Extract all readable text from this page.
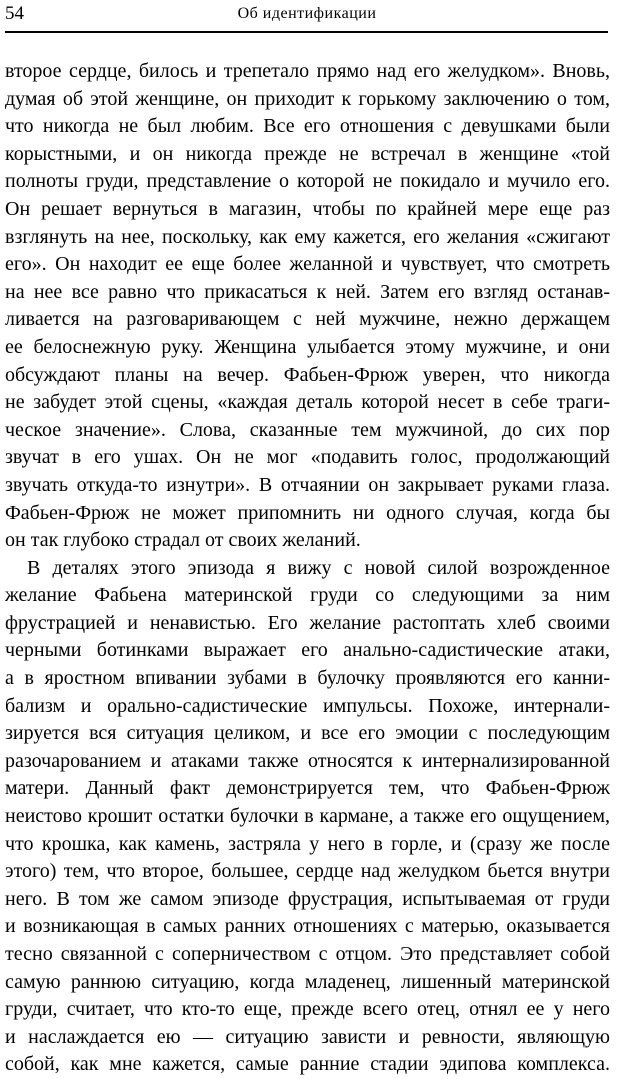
54	Об идентификации
второе сердце, билось и трепетало прямо над его желудком». Вновь,
думая об этой женщине, он приходит к горькому заключению о том,
что никогда не был любим. Все его отношения с девушками были
корыстными, и он никогда прежде не встречал в женщине «той
полноты груди, представление о которой не покидало и мучило его.
Он решает вернуться в магазин, чтобы по крайней мере еще раз
взглянуть на нее, поскольку, как ему кажется, его желания «сжигают
его». Он находит ее еще более желанной и чувствует, что смотреть
на нее все равно что прикасаться к ней. Затем его взгляд останав-
ливается на разговаривающем с ней мужчине, нежно держащем
ее белоснежную руку. Женщина улыбается этому мужчине, и они
обсуждают планы на вечер. Фабьен-Фрюж уверен, что никогда
не забудет этой сцены, «каждая деталь которой несет в себе траги-
ческое значение». Слова, сказанные тем мужчиной, до сих пор
звучат в его ушах. Он не мог «подавить голос, продолжающий
звучать откуда-то изнутри». В отчаянии он закрывает руками глаза.
Фабьен-Фрюж не может припомнить ни одного случая, когда бы
он так глубоко страдал от своих желаний.
В деталях этого эпизода я вижу с новой силой возрожденное
желание Фабьена материнской груди со следующими за ним
фрустрацией и ненавистью. Его желание растоптать хлеб своими
черными ботинками выражает его анально-садистические атаки,
а в яростном впивании зубами в булочку проявляются его канни-
бализм и орально-садистические импульсы. Похоже, интернали-
зируется вся ситуация целиком, и все его эмоции с последующим
разочарованием и атаками также относятся к интернализированной
матери. Данный факт демонстрируется тем, что Фабьен-Фрюж
неистово крошит остатки булочки в кармане, а также его ощущением,
что крошка, как камень, застряла у него в горле, и (сразу же после
этого) тем, что второе, большее, сердце над желудком бьется внутри
него. В том же самом эпизоде фрустрация, испытываемая от груди
и возникающая в самых ранних отношениях с матерью, оказывается
тесно связанной с соперничеством с отцом. Это представляет собой
самую раннюю ситуацию, когда младенец, лишенный материнской
груди, считает, что кто-то еще, прежде всего отец, отнял ее у него
и наслаждается ею — ситуацию зависти и ревности, являющую
собой, как мне кажется, самые ранние стадии эдипова комплекса.
